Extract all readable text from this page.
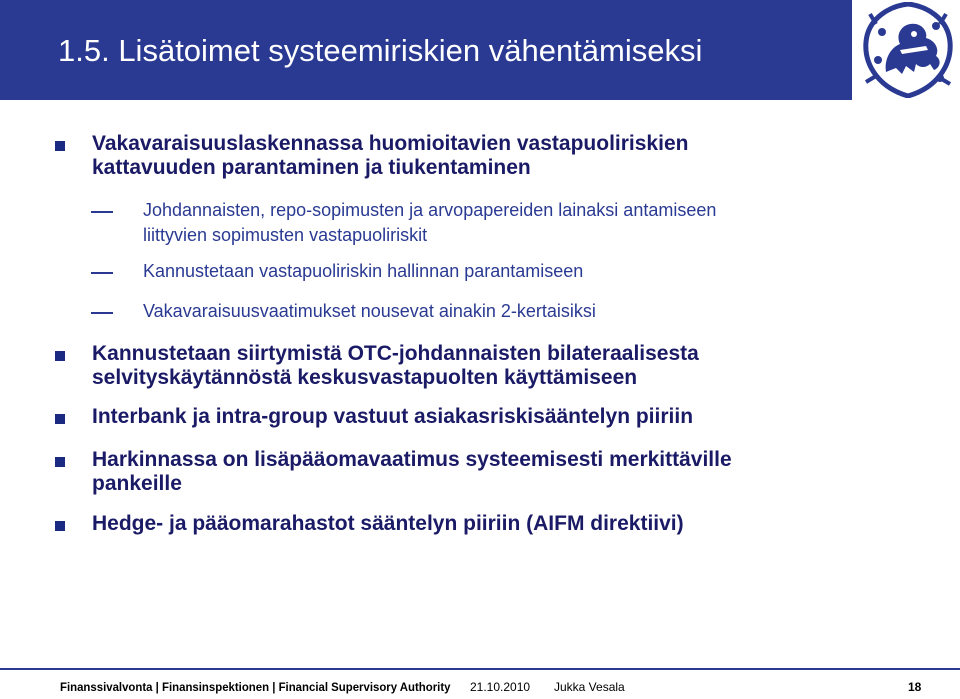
1.5. Lisätoimet systeemiriskien vähentämiseksi
Vakavaraisuuslaskennassa huomioitavien vastapuoliriskien
kattavuuden parantaminen ja tiukentaminen
Johdannaisten, repo-sopimusten ja arvopapereiden lainaksi antamiseen
liittyvien sopimusten vastapuoliriskit
Kannustetaan vastapuoliriskin hallinnan parantamiseen
Vakavaraisuusvaatimukset nousevat ainakin 2-kertaisiksi
Kannustetaan siirtymistä OTC-johdannaisten bilateraalisesta
selvityskäytännöstä keskusvastapuolten käyttämiseen
Interbank ja intra-group vastuut asiakasriskisääntelyn piiriin
Harkinnassa on lisäpääomavaatimus systeemisesti merkittäville
pankeille
Hedge- ja pääomarahastot sääntelyn piiriin (AIFM direktiivi)
Finanssivalvonta | Finansinspektionen | Financial Supervisory Authority 21.10.2010 Jukka Vesala	18
